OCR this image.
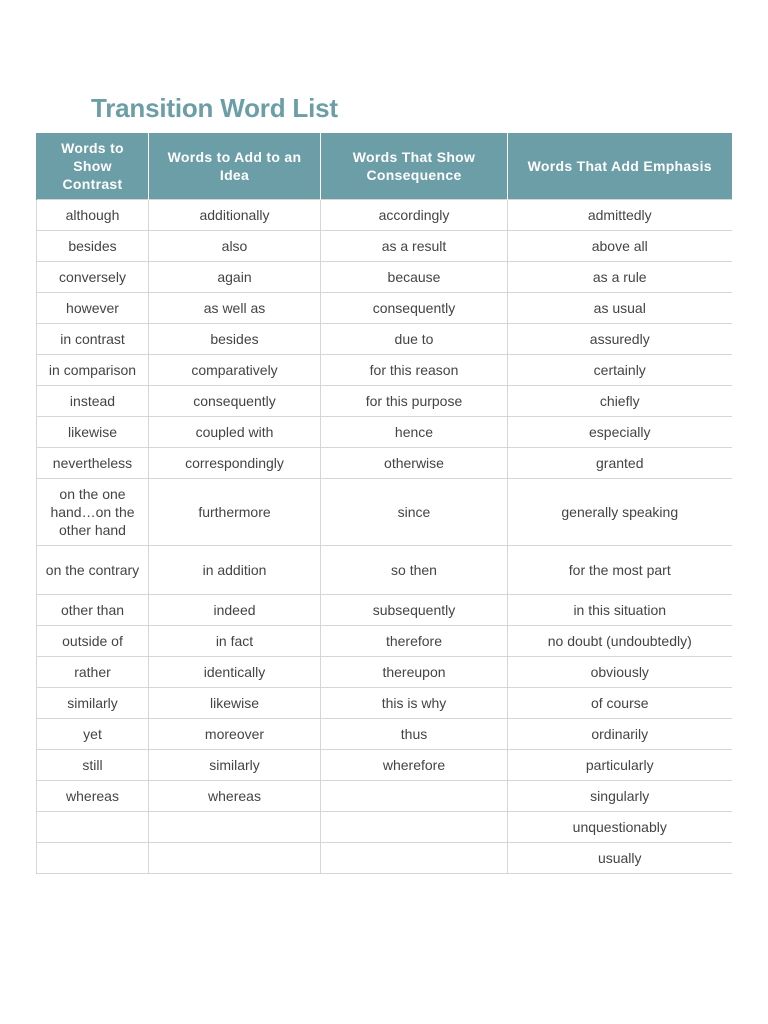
Transition Word List
Words to Show Contrast	Words to Add to an Idea	Words That Show Consequence	Words That Add Emphasis
although	additionally	accordingly	admittedly
besides	also	as a result	above all
conversely	again	because	as a rule
however	as well as	consequently	as usual
in contrast	besides	due to	assuredly
in comparison	comparatively	for this reason	certainly
instead	consequently	for this purpose	chiefly
likewise	coupled with	hence	especially
nevertheless	correspondingly	otherwise	granted
on the one hand…on the other hand	furthermore	since	generally speaking
on the contrary	in addition	so then	for the most part
other than	indeed	subsequently	in this situation
outside of	in fact	therefore	no doubt (undoubtedly)
rather	identically	thereupon	obviously
similarly	likewise	this is why	of course
yet	moreover	thus	ordinarily
still	similarly	wherefore	particularly
whereas	whereas		singularly
			unquestionably
			usually
